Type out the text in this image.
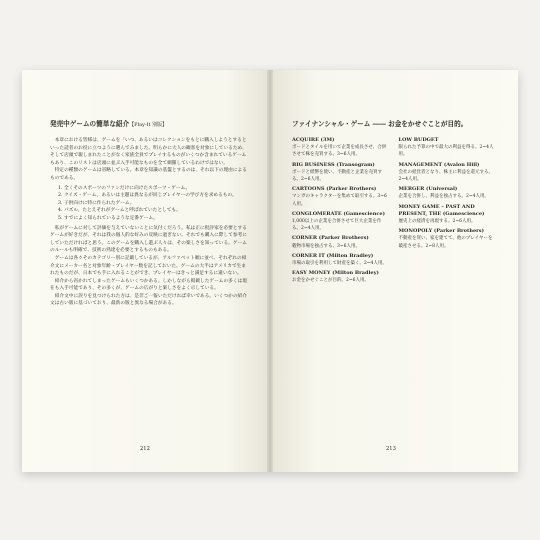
発売中ゲームの簡単な紹介【Play-It 別版】

本章における皆様は、ゲームを「いつ、あるいはコレクションをもとに購入しようとするといった読者のお役に立つように選んでみました。明らかに大人の観客を対象にしているため、そして店頭で親しまれたことがなく家族全員でプレイするものがいくつか含まれているゲームもあり、このリストは店頭に並ぶ入手可能なものを全て網羅しているわけではない。

特定の種類のゲームは省略している。本章を知識の基盤とするのは、それ以下の理由によるものである。

1. 全くそのスポーツのファンだけに向けたスポーツ・ゲーム。
2. クイズ・ゲーム。あるいは主題は異なるが同じプレイヤーの学び方を求めるもの。
3. 子供向けに特に作られたゲーム。
4. パズル。たとえそれがゲームと呼ばれていたとしても。
5. すでによく知られているような定番ゲーム。

私がゲームに対して評価を与えていないことに気付くだろう。私は正に批評家を必要とするゲームが好きだが、それは我の個人的な好みの反映に過ぎない。それでも購入に際して参考にしていただければと思う。このゲームを購入し遊ぶ人々は、その楽しさを知っている。ゲームのルールも明確で、技術の熟達を必要とするものもある。

ゲームは各々そのカテゴリー別に記載しているが、アルファベット順に並べ、それぞれの紹介文にメーカー名と対象年齢・プレイヤー数を記しておいた。ゲームの大半はアメリカで生まれたものだが、日本でも手に入れることができ、プレイヤーはきっと満足するに違いない。

紹介から省かれてしまったゲームもいくつかある。しかしながら掲載したゲームの多くは現在も入手可能であり、その多くが、ゲームの広がりと楽しさをよく示している。

紹介文中に誤りを見つけられた方は、是非ご一報いただければ幸いである。いくつかの紹介文は古い版に基づいており、最新の版と異なる場合がある。

212
ファイナンシャル・ゲーム ―― お金をかせぐことが目的。
ACQUIRE (3M)
ボードとタイルを用いて企業を成長させ、合併させて株を売買する。3~6人用。
BIG BUSINESS (Transogram)
ボードと紙幣を使い、不動産と企業を売買する。2~6人用。
CARTOONS (Parker Brothers)
マンガのキャラクターを集めて取引する。3~6人用。
CONGLOMERATE (Gamescience)
1,000以上の企業を合併させて巨大企業を作る。2~4人用。
CORNER (Parker Brothers)
穀物市場を独占する。3~6人用。
CORNER IT (Milton Bradley)
市場の取引を利用して財産を築く。2~4人用。
EASY MONEY (Milton Bradley)
お金をかせぐことが目的。2~6人用。
LOW BUDGET
限られた予算の中で最大の利益を得る。2~4人用。
MANAGEMENT (Avalon Hill)
会社の経営者となり、株主に利益を還元する。2~4人用。
MERGER (Universal)
企業を合併し、利益を独占する。2~4人用。
MONEY GAME – PAST AND PRESENT, THE (Gamescience)
歴史上の経済を再現する。2~6人用。
MONOPOLY (Parker Brothers)
不動産を買い、家を建てて、他のプレイヤーを破産させる。2~8人用。
213
